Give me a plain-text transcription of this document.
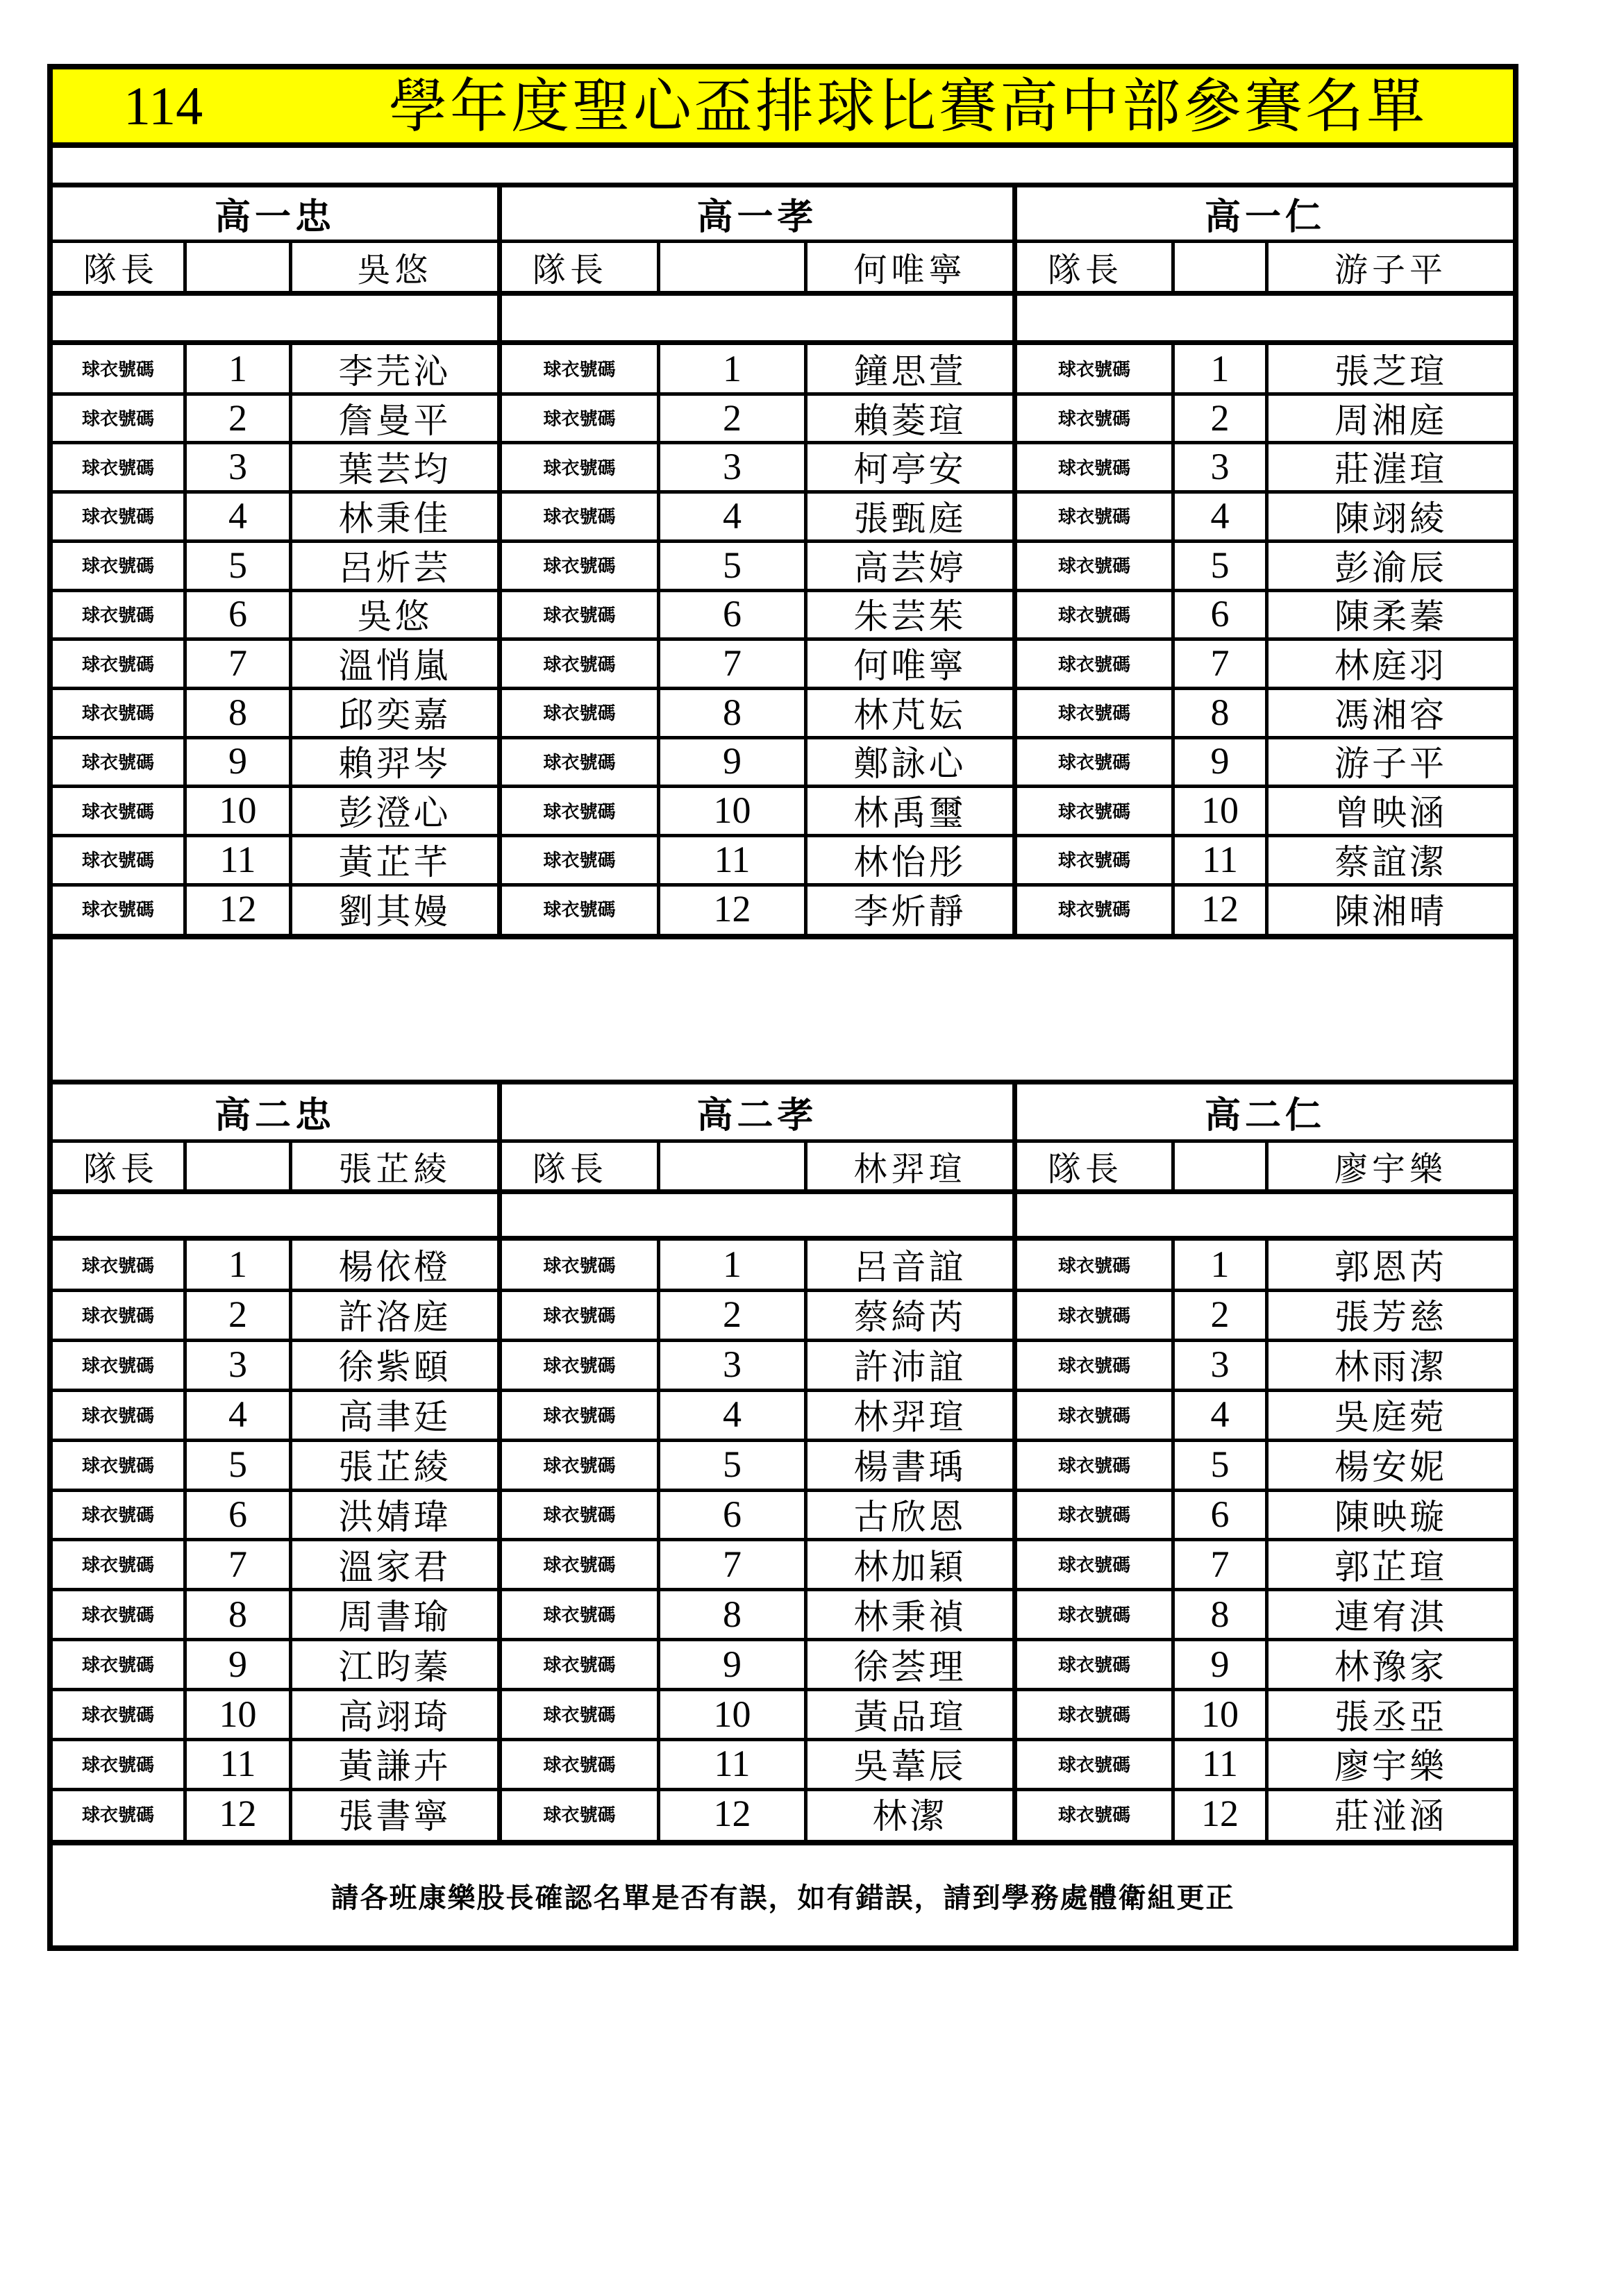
114	學年度聖心盃排球比賽高中部參賽名單
高一忠
隊長	吳悠
球衣號碼	1	李芫沁
球衣號碼	2	詹曼平
球衣號碼	3	葉芸均
球衣號碼	4	林秉佳
球衣號碼	5	呂炘芸
球衣號碼	6	吳悠
球衣號碼	7	溫悄嵐
球衣號碼	8	邱奕嘉
球衣號碼	9	賴羿岑
球衣號碼	10	彭澄心
球衣號碼	11	黃芷芊
球衣號碼	12	劉其嫚
高一孝
隊長	何唯寧
球衣號碼	1	鐘思萱
球衣號碼	2	賴菱瑄
球衣號碼	3	柯亭安
球衣號碼	4	張甄庭
球衣號碼	5	高芸婷
球衣號碼	6	朱芸茱
球衣號碼	7	何唯寧
球衣號碼	8	林芃妘
球衣號碼	9	鄭詠心
球衣號碼	10	林禹璽
球衣號碼	11	林怡彤
球衣號碼	12	李炘靜
高一仁
隊長	游子平
球衣號碼	1	張芝瑄
球衣號碼	2	周湘庭
球衣號碼	3	莊漄瑄
球衣號碼	4	陳翊綾
球衣號碼	5	彭渝辰
球衣號碼	6	陳柔蓁
球衣號碼	7	林庭羽
球衣號碼	8	馮湘容
球衣號碼	9	游子平
球衣號碼	10	曾映涵
球衣號碼	11	蔡誼潔
球衣號碼	12	陳湘晴
高二忠
隊長	張芷綾
球衣號碼	1	楊依橙
球衣號碼	2	許洛庭
球衣號碼	3	徐紫頤
球衣號碼	4	高聿廷
球衣號碼	5	張芷綾
球衣號碼	6	洪婧瑋
球衣號碼	7	溫家君
球衣號碼	8	周書瑜
球衣號碼	9	江昀蓁
球衣號碼	10	高翊琦
球衣號碼	11	黃謙卉
球衣號碼	12	張書寧
高二孝
隊長	林羿瑄
球衣號碼	1	呂音誼
球衣號碼	2	蔡綺芮
球衣號碼	3	許沛誼
球衣號碼	4	林羿瑄
球衣號碼	5	楊書瑀
球衣號碼	6	古欣恩
球衣號碼	7	林加穎
球衣號碼	8	林秉禎
球衣號碼	9	徐荟理
球衣號碼	10	黃品瑄
球衣號碼	11	吳葦辰
球衣號碼	12	林潔
高二仁
隊長	廖宇樂
球衣號碼	1	郭恩芮
球衣號碼	2	張芳慈
球衣號碼	3	林雨潔
球衣號碼	4	吳庭菀
球衣號碼	5	楊安妮
球衣號碼	6	陳映璇
球衣號碼	7	郭芷瑄
球衣號碼	8	連宥淇
球衣號碼	9	林豫家
球衣號碼	10	張丞亞
球衣號碼	11	廖宇樂
球衣號碼	12	莊湴涵
請各班康樂股長確認名單是否有誤，如有錯誤，請到學務處體衛組更正
